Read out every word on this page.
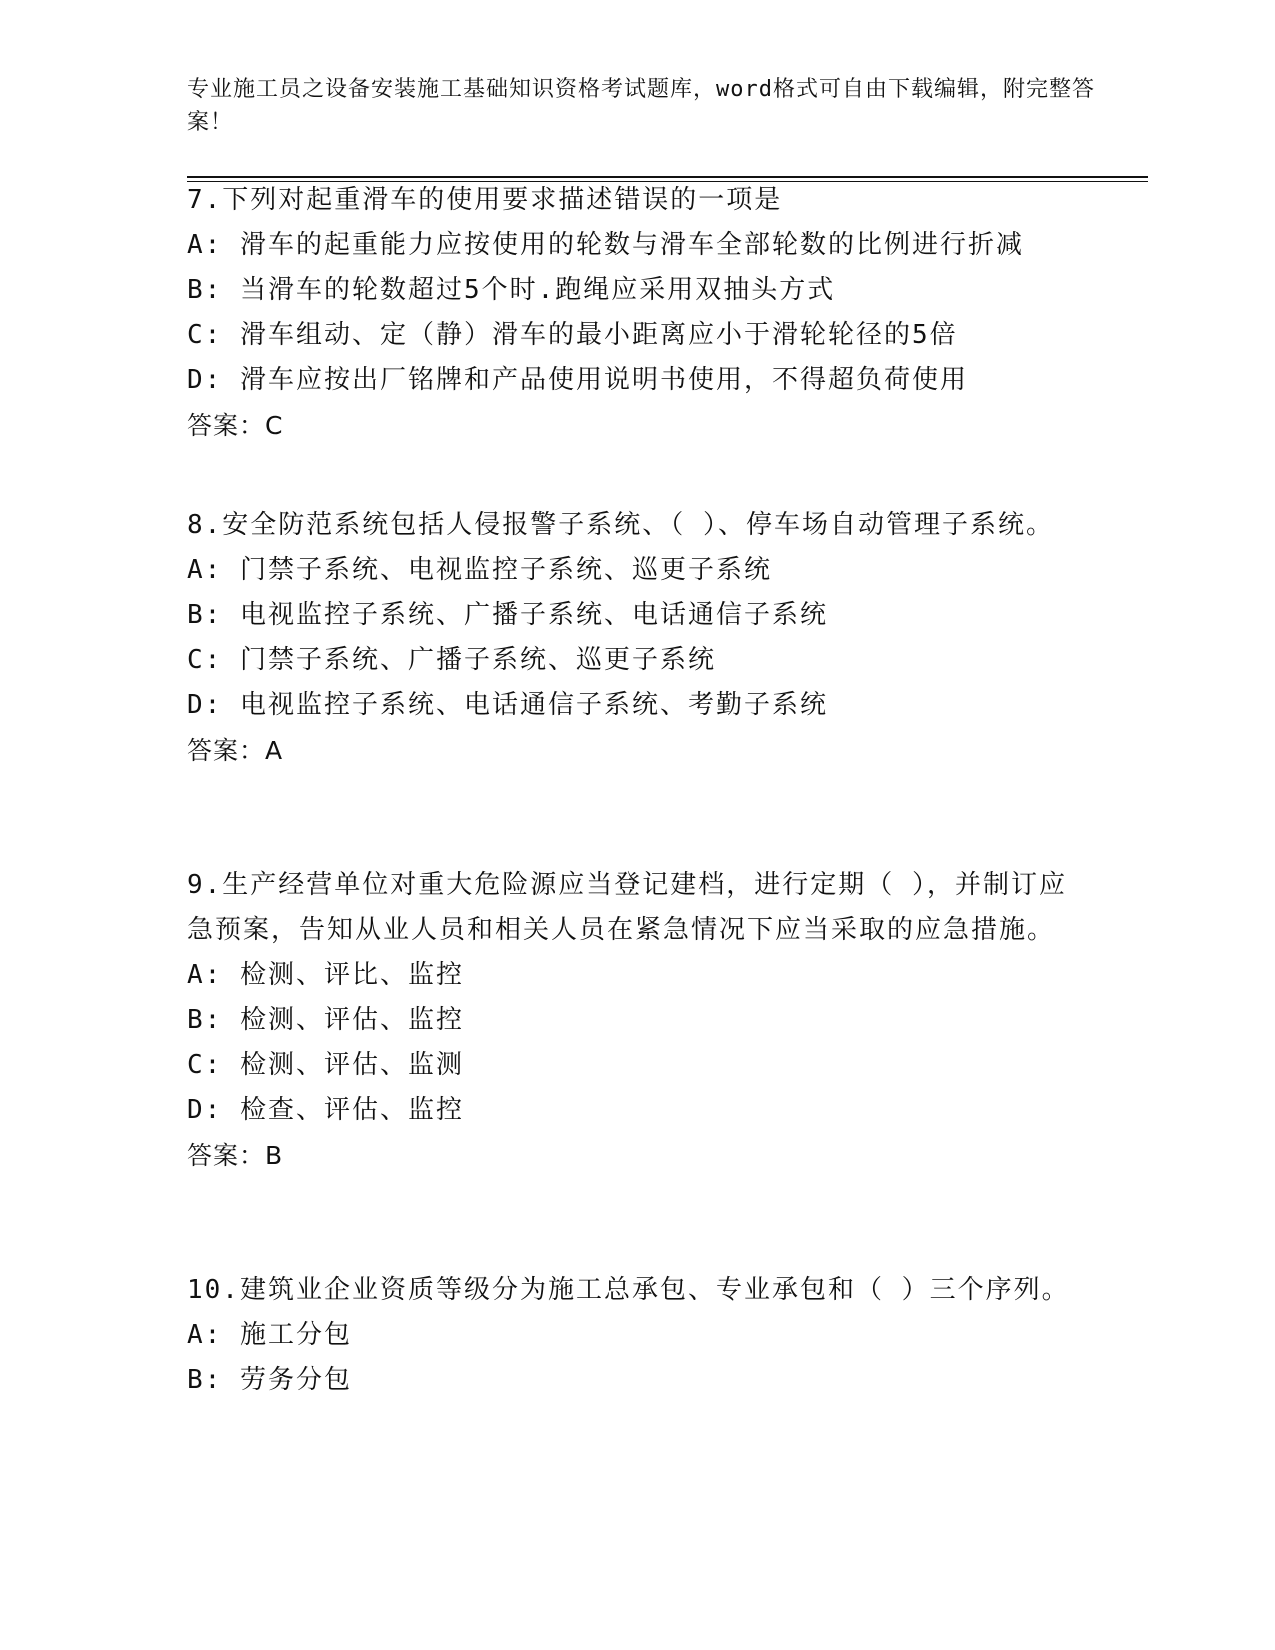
专业施工员之设备安装施工基础知识资格考试题库，word格式可自由下载编辑，附完整答案！

7.下列对起重滑车的使用要求描述错误的一项是

A: 滑车的起重能力应按使用的轮数与滑车全部轮数的比例进行折减

B: 当滑车的轮数超过5个时.跑绳应采用双抽头方式

C: 滑车组动、定（静）滑车的最小距离应小于滑轮轮径的5倍

D: 滑车应按出厂铭牌和产品使用说明书使用，不得超负荷使用

答案：C

8.安全防范系统包括人侵报警子系统、（ ）、停车场自动管理子系统。

A: 门禁子系统、电视监控子系统、巡更子系统

B: 电视监控子系统、广播子系统、电话通信子系统

C: 门禁子系统、广播子系统、巡更子系统

D: 电视监控子系统、电话通信子系统、考勤子系统

答案：A

9.生产经营单位对重大危险源应当登记建档，进行定期（ ），并制订应急预案，告知从业人员和相关人员在紧急情况下应当采取的应急措施。

A: 检测、评比、监控

B: 检测、评估、监控

C: 检测、评估、监测

D: 检查、评估、监控

答案：B

10.建筑业企业资质等级分为施工总承包、专业承包和（ ）三个序列。

A: 施工分包

B: 劳务分包
